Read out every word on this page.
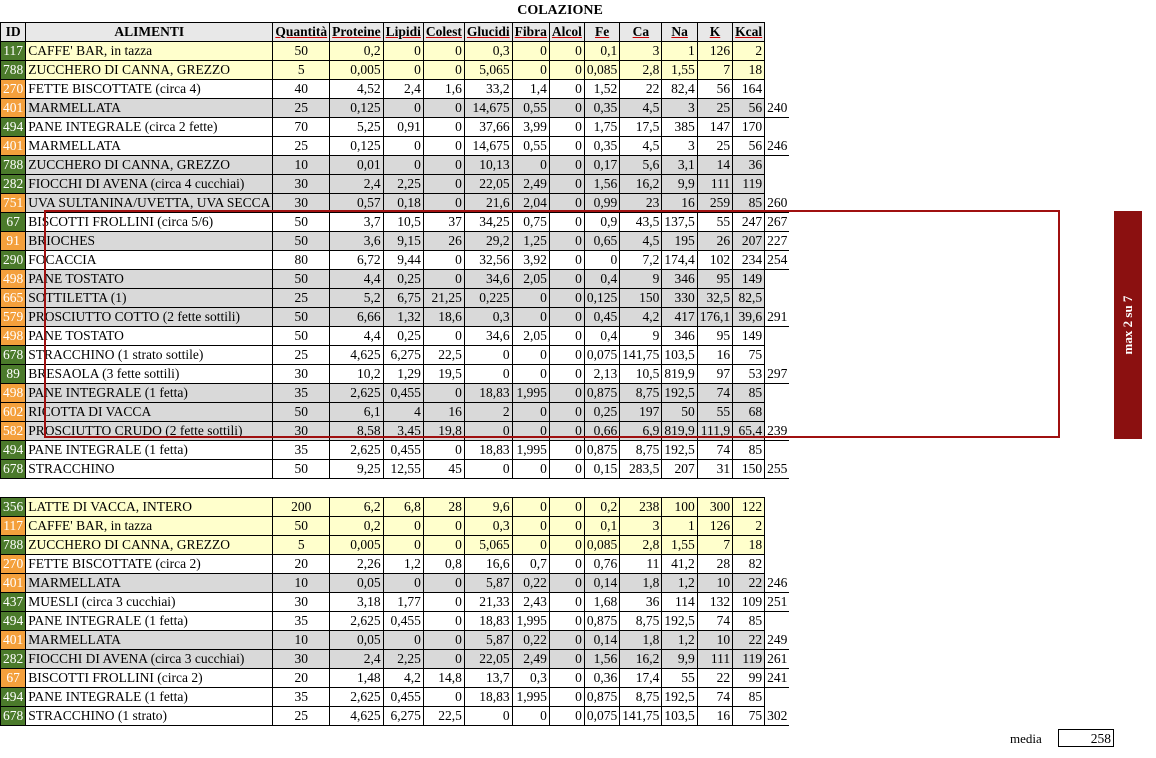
COLAZIONE
ID	ALIMENTI	Quantità	Proteine	Lipidi	Colest	Glucidi	Fibra	Alcol	Fe	Ca	Na	K	Kcal	
117	CAFFE' BAR, in tazza	50	0,2	0	0	0,3	0	0	0,1	3	1	126	2	
788	ZUCCHERO DI CANNA, GREZZO	5	0,005	0	0	5,065	0	0	0,085	2,8	1,55	7	18	
270	FETTE BISCOTTATE (circa 4)	40	4,52	2,4	1,6	33,2	1,4	0	1,52	22	82,4	56	164	
401	MARMELLATA	25	0,125	0	0	14,675	0,55	0	0,35	4,5	3	25	56	240
494	PANE INTEGRALE (circa 2 fette)	70	5,25	0,91	0	37,66	3,99	0	1,75	17,5	385	147	170	
401	MARMELLATA	25	0,125	0	0	14,675	0,55	0	0,35	4,5	3	25	56	246
788	ZUCCHERO DI CANNA, GREZZO	10	0,01	0	0	10,13	0	0	0,17	5,6	3,1	14	36	
282	FIOCCHI DI AVENA (circa 4 cucchiai)	30	2,4	2,25	0	22,05	2,49	0	1,56	16,2	9,9	111	119	
751	UVA SULTANINA/UVETTA, UVA SECCA	30	0,57	0,18	0	21,6	2,04	0	0,99	23	16	259	85	260
67	BISCOTTI FROLLINI (circa 5/6)	50	3,7	10,5	37	34,25	0,75	0	0,9	43,5	137,5	55	247	267
91	BRIOCHES	50	3,6	9,15	26	29,2	1,25	0	0,65	4,5	195	26	207	227
290	FOCACCIA	80	6,72	9,44	0	32,56	3,92	0	0	7,2	174,4	102	234	254
498	PANE TOSTATO	50	4,4	0,25	0	34,6	2,05	0	0,4	9	346	95	149	
665	SOTTILETTA (1)	25	5,2	6,75	21,25	0,225	0	0	0,125	150	330	32,5	82,5	
579	PROSCIUTTO COTTO (2 fette sottili)	50	6,66	1,32	18,6	0,3	0	0	0,45	4,2	417	176,1	39,6	291
498	PANE TOSTATO	50	4,4	0,25	0	34,6	2,05	0	0,4	9	346	95	149	
678	STRACCHINO (1 strato sottile)	25	4,625	6,275	22,5	0	0	0	0,075	141,75	103,5	16	75	
89	BRESAOLA (3 fette sottili)	30	10,2	1,29	19,5	0	0	0	2,13	10,5	819,9	97	53	297
498	PANE INTEGRALE (1 fetta)	35	2,625	0,455	0	18,83	1,995	0	0,875	8,75	192,5	74	85	
602	RICOTTA DI VACCA	50	6,1	4	16	2	0	0	0,25	197	50	55	68	
582	PROSCIUTTO CRUDO (2 fette sottili)	30	8,58	3,45	19,8	0	0	0	0,66	6,9	819,9	111,9	65,4	239
494	PANE INTEGRALE (1 fetta)	35	2,625	0,455	0	18,83	1,995	0	0,875	8,75	192,5	74	85	
678	STRACCHINO	50	9,25	12,55	45	0	0	0	0,15	283,5	207	31	150	255

356	LATTE DI VACCA, INTERO	200	6,2	6,8	28	9,6	0	0	0,2	238	100	300	122	
117	CAFFE' BAR, in tazza	50	0,2	0	0	0,3	0	0	0,1	3	1	126	2	
788	ZUCCHERO DI CANNA, GREZZO	5	0,005	0	0	5,065	0	0	0,085	2,8	1,55	7	18	
270	FETTE BISCOTTATE (circa 2)	20	2,26	1,2	0,8	16,6	0,7	0	0,76	11	41,2	28	82	
401	MARMELLATA	10	0,05	0	0	5,87	0,22	0	0,14	1,8	1,2	10	22	246
437	MUESLI (circa 3 cucchiai)	30	3,18	1,77	0	21,33	2,43	0	1,68	36	114	132	109	251
494	PANE INTEGRALE (1 fetta)	35	2,625	0,455	0	18,83	1,995	0	0,875	8,75	192,5	74	85	
401	MARMELLATA	10	0,05	0	0	5,87	0,22	0	0,14	1,8	1,2	10	22	249
282	FIOCCHI DI AVENA (circa 3 cucchiai)	30	2,4	2,25	0	22,05	2,49	0	1,56	16,2	9,9	111	119	261
67	BISCOTTI FROLLINI (circa 2)	20	1,48	4,2	14,8	13,7	0,3	0	0,36	17,4	55	22	99	241
494	PANE INTEGRALE (1 fetta)	35	2,625	0,455	0	18,83	1,995	0	0,875	8,75	192,5	74	85	
678	STRACCHINO (1 strato)	25	4,625	6,275	22,5	0	0	0	0,075	141,75	103,5	16	75	302
max 2 su 7
media	258
